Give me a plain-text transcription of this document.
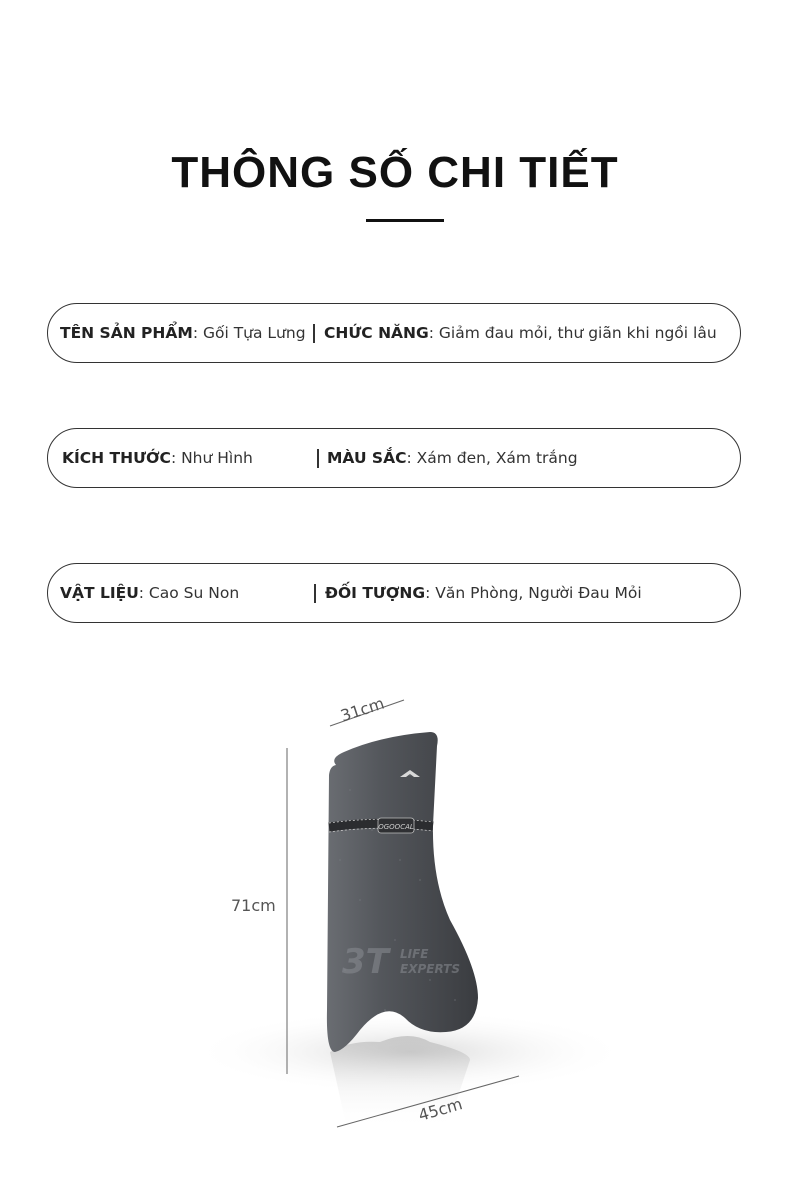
THÔNG SỐ CHI TIẾT
TÊN SẢN PHẨM : Gối Tựa Lưng CHỨC NĂNG : Giảm đau mỏi, thư giãn khi ngồi lâu
KÍCH THƯỚC : Như Hình	MÀU SẮC : Xám đen, Xám trắng
VẬT LIỆU : Cao Su Non	ĐỐI TƯỢNG : Văn Phòng, Người Đau Mỏi
OGOOCAL
3T LIFE
EXPERTS
31cm
71cm
45cm
